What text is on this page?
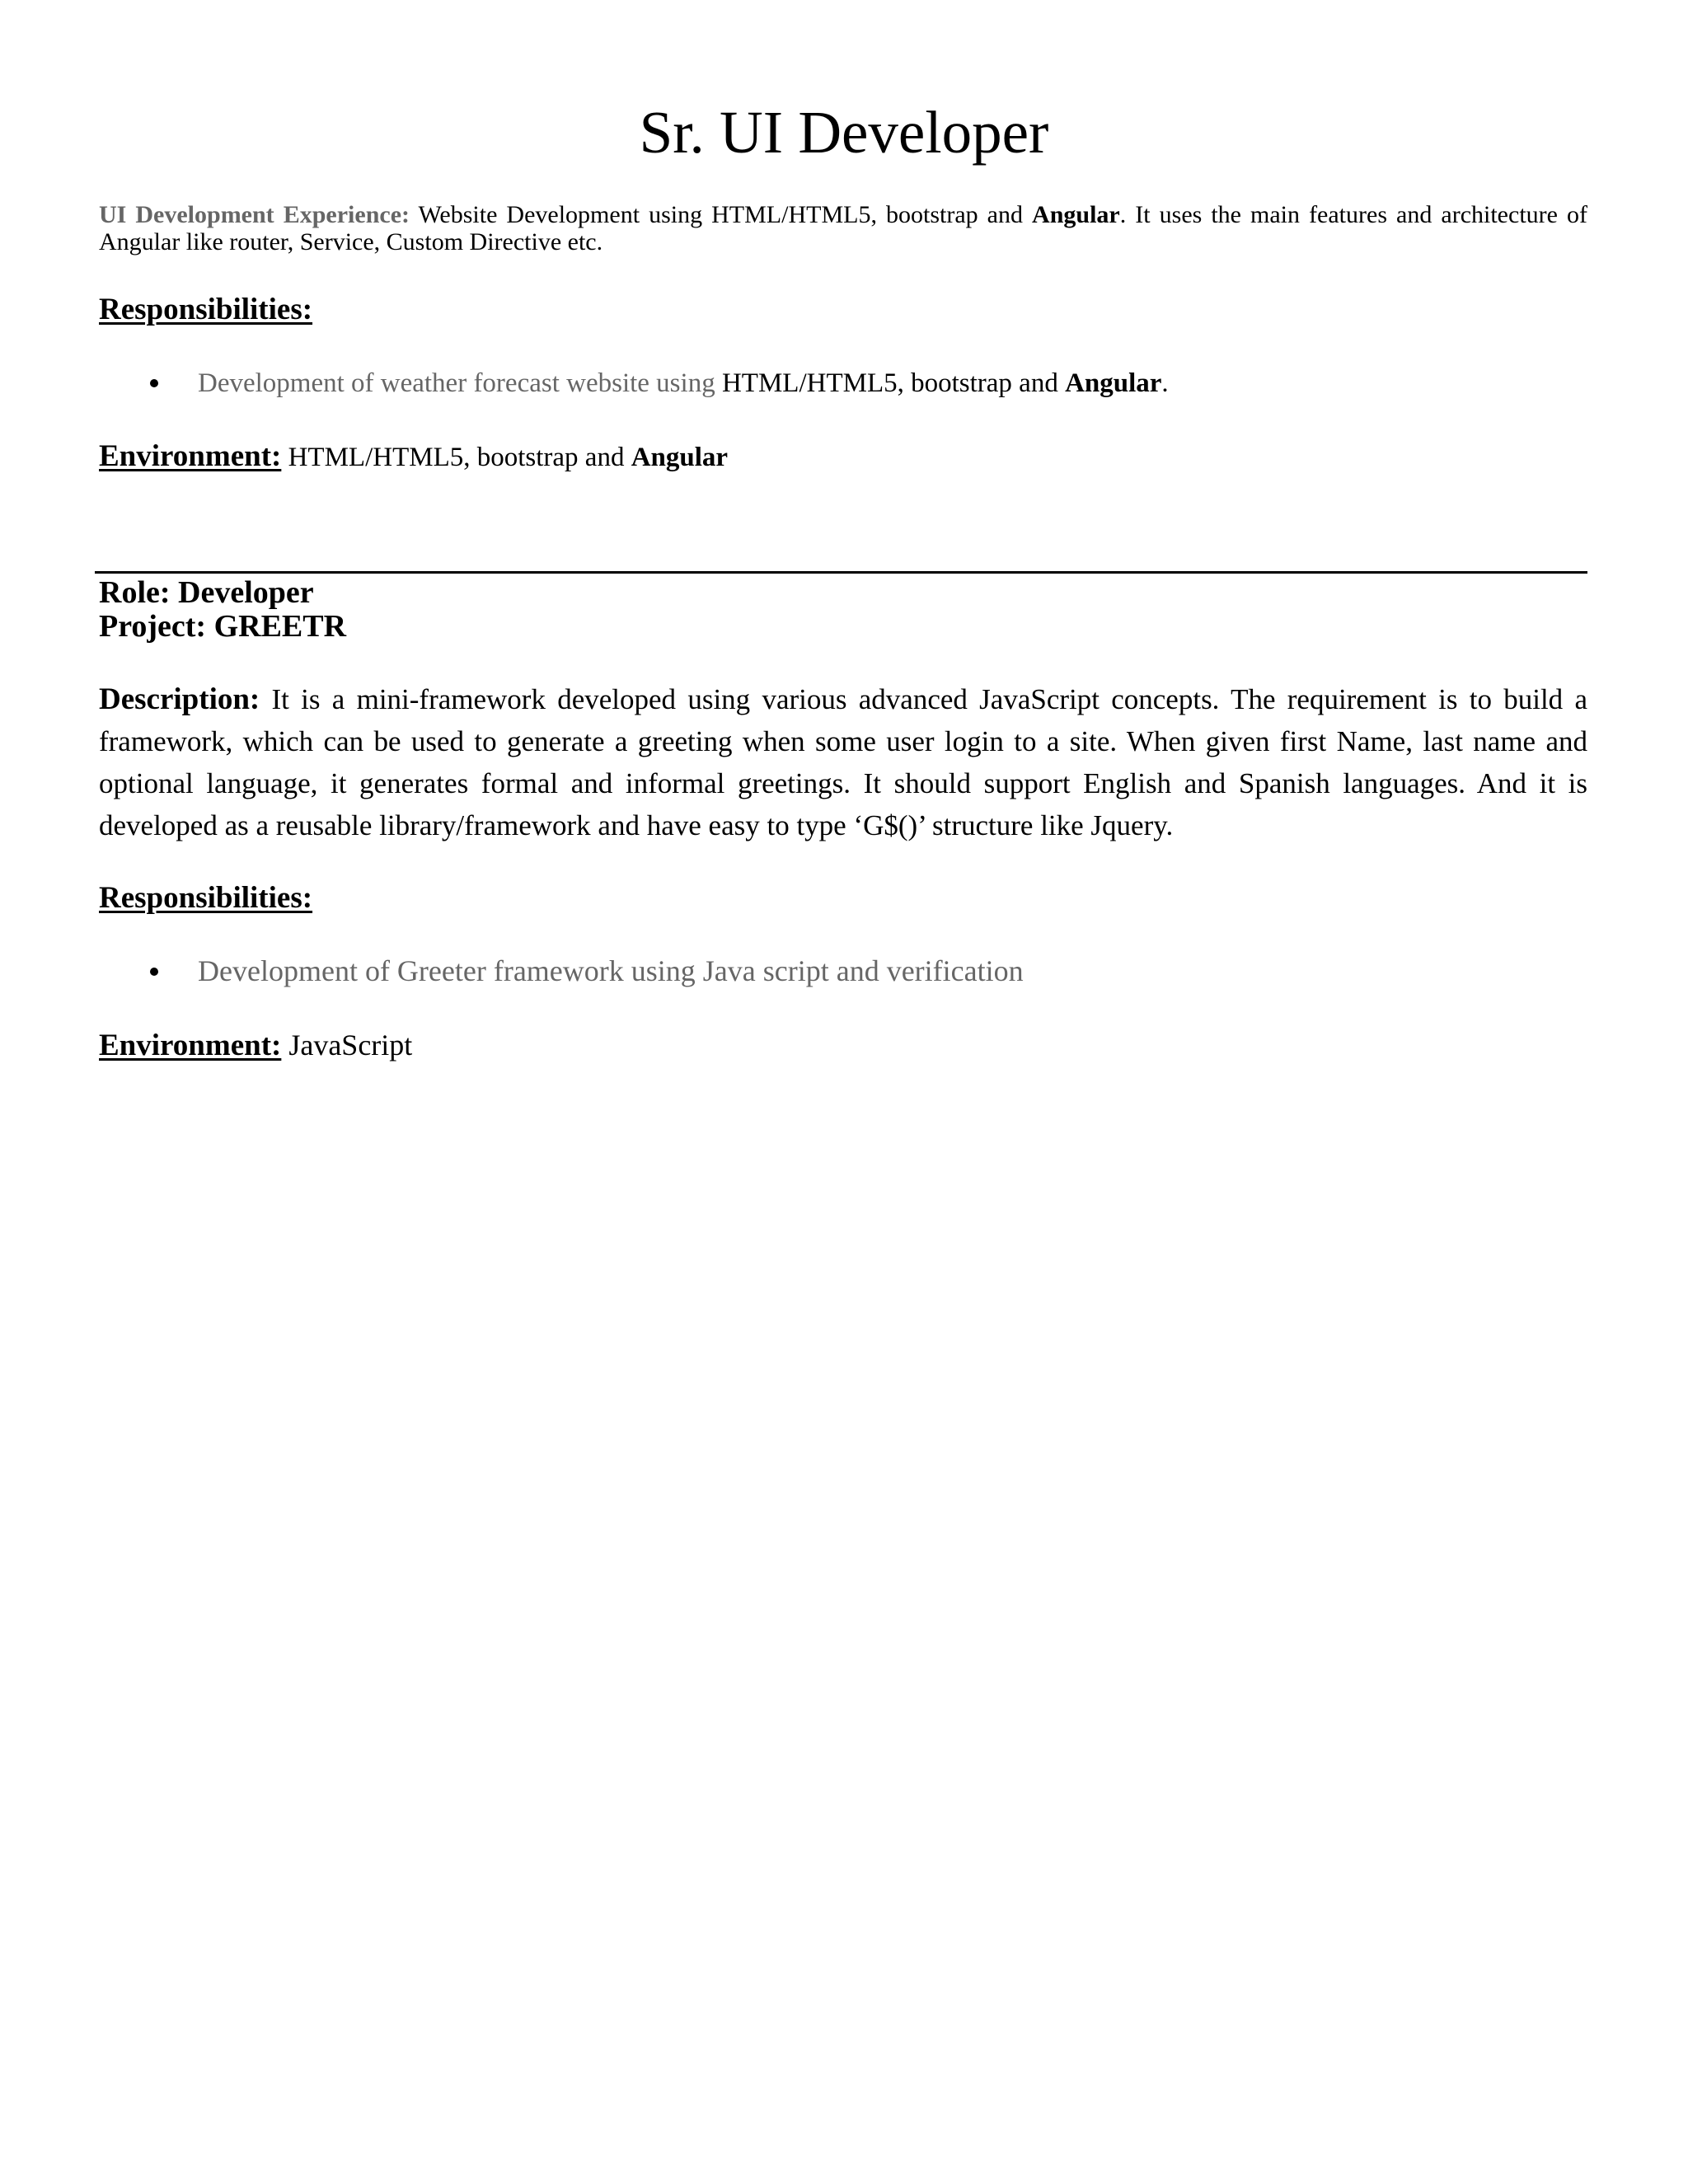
Sr. UI Developer
UI Development Experience: Website Development using HTML/HTML5, bootstrap and Angular. It uses the main features and architecture of Angular like router, Service, Custom Directive etc.
Responsibilities:
Development of weather forecast website using HTML/HTML5, bootstrap and Angular.
Environment: HTML/HTML5, bootstrap and Angular
Role: Developer
Project: GREETR
Description: It is a mini-framework developed using various advanced JavaScript concepts. The requirement is to build a framework, which can be used to generate a greeting when some user login to a site. When given first Name, last name and optional language, it generates formal and informal greetings. It should support English and Spanish languages. And it is developed as a reusable library/framework and have easy to type ‘G$()’ structure like Jquery.
Responsibilities:
Development of Greeter framework using Java script and verification
Environment: JavaScript
